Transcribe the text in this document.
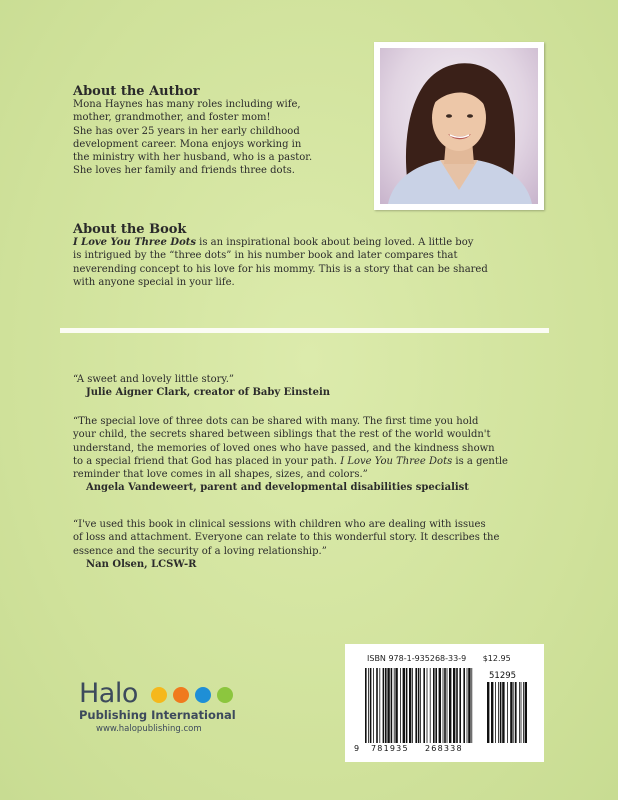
About the Author
Mona Haynes has many roles including wife,
mother, grandmother, and foster mom!
She has over 25 years in her early childhood
development career. Mona enjoys working in
the ministry with her husband, who is a pastor.
She loves her family and friends three dots.
About the Book
I Love You Three Dots is an inspirational book about being loved. A little boy
is intrigued by the “three dots” in his number book and later compares that
neverending concept to his love for his mommy. This is a story that can be shared
with anyone special in your life.
“A sweet and lovely little story.”
Julie Aigner Clark, creator of Baby Einstein
“The special love of three dots can be shared with many. The first time you hold
your child, the secrets shared between siblings that the rest of the world wouldn't
understand, the memories of loved ones who have passed, and the kindness shown
to a special friend that God has placed in your path. I Love You Three Dots is a gentle
reminder that love comes in all shapes, sizes, and colors.”
Angela Vandeweert, parent and developmental disabilities specialist
“I've used this book in clinical sessions with children who are dealing with issues
of loss and attachment. Everyone can relate to this wonderful story. It describes the
essence and the security of a loving relationship.”
Nan Olsen, LCSW-R
Halo
Publishing International
www.halopublishing.com
ISBN 978-1-935268-33-9 $12.95
51295
9 781935 268338
